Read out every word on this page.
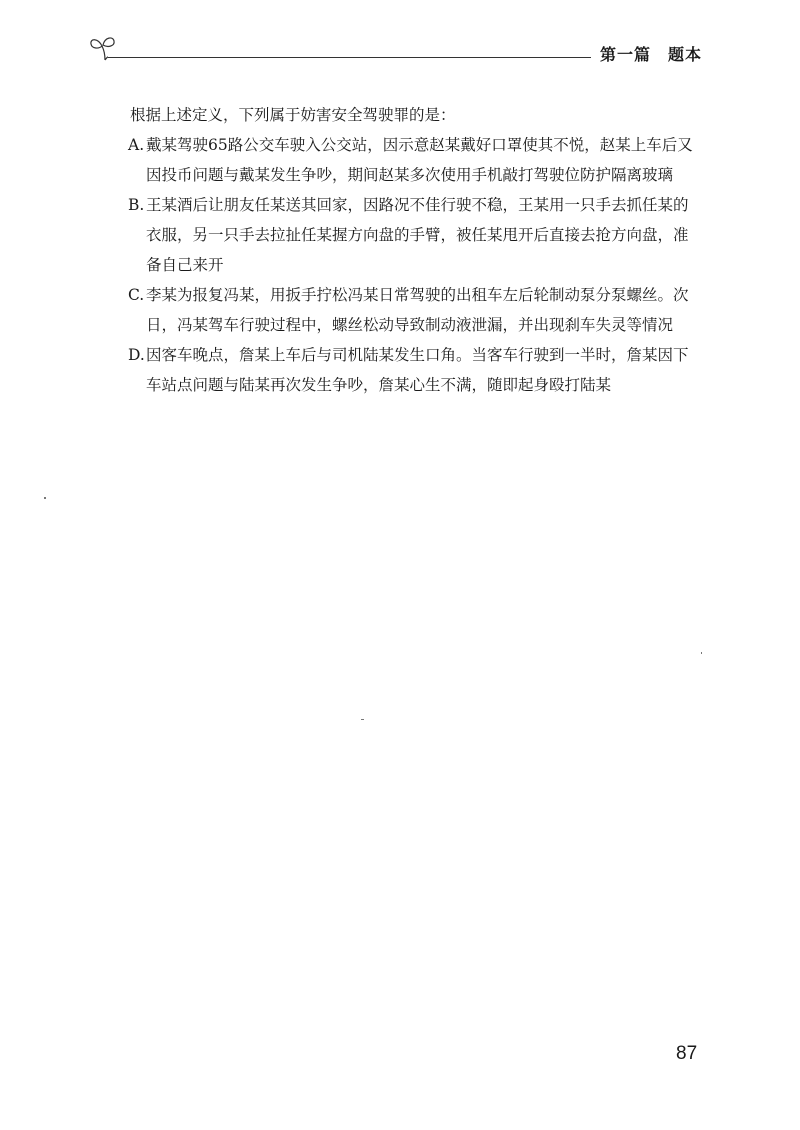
第一篇　题本

根据上述定义，下列属于妨害安全驾驶罪的是：

A. 戴某驾驶65路公交车驶入公交站，因示意赵某戴好口罩使其不悦，赵某上车后又因投币问题与戴某发生争吵，期间赵某多次使用手机敲打驾驶位防护隔离玻璃
B. 王某酒后让朋友任某送其回家，因路况不佳行驶不稳，王某用一只手去抓任某的衣服，另一只手去拉扯任某握方向盘的手臂，被任某甩开后直接去抢方向盘，准备自己来开
C. 李某为报复冯某，用扳手拧松冯某日常驾驶的出租车左后轮制动泵分泵螺丝。次日，冯某驾车行驶过程中，螺丝松动导致制动液泄漏，并出现刹车失灵等情况
D. 因客车晚点，詹某上车后与司机陆某发生口角。当客车行驶到一半时，詹某因下车站点问题与陆某再次发生争吵，詹某心生不满，随即起身殴打陆某
87
